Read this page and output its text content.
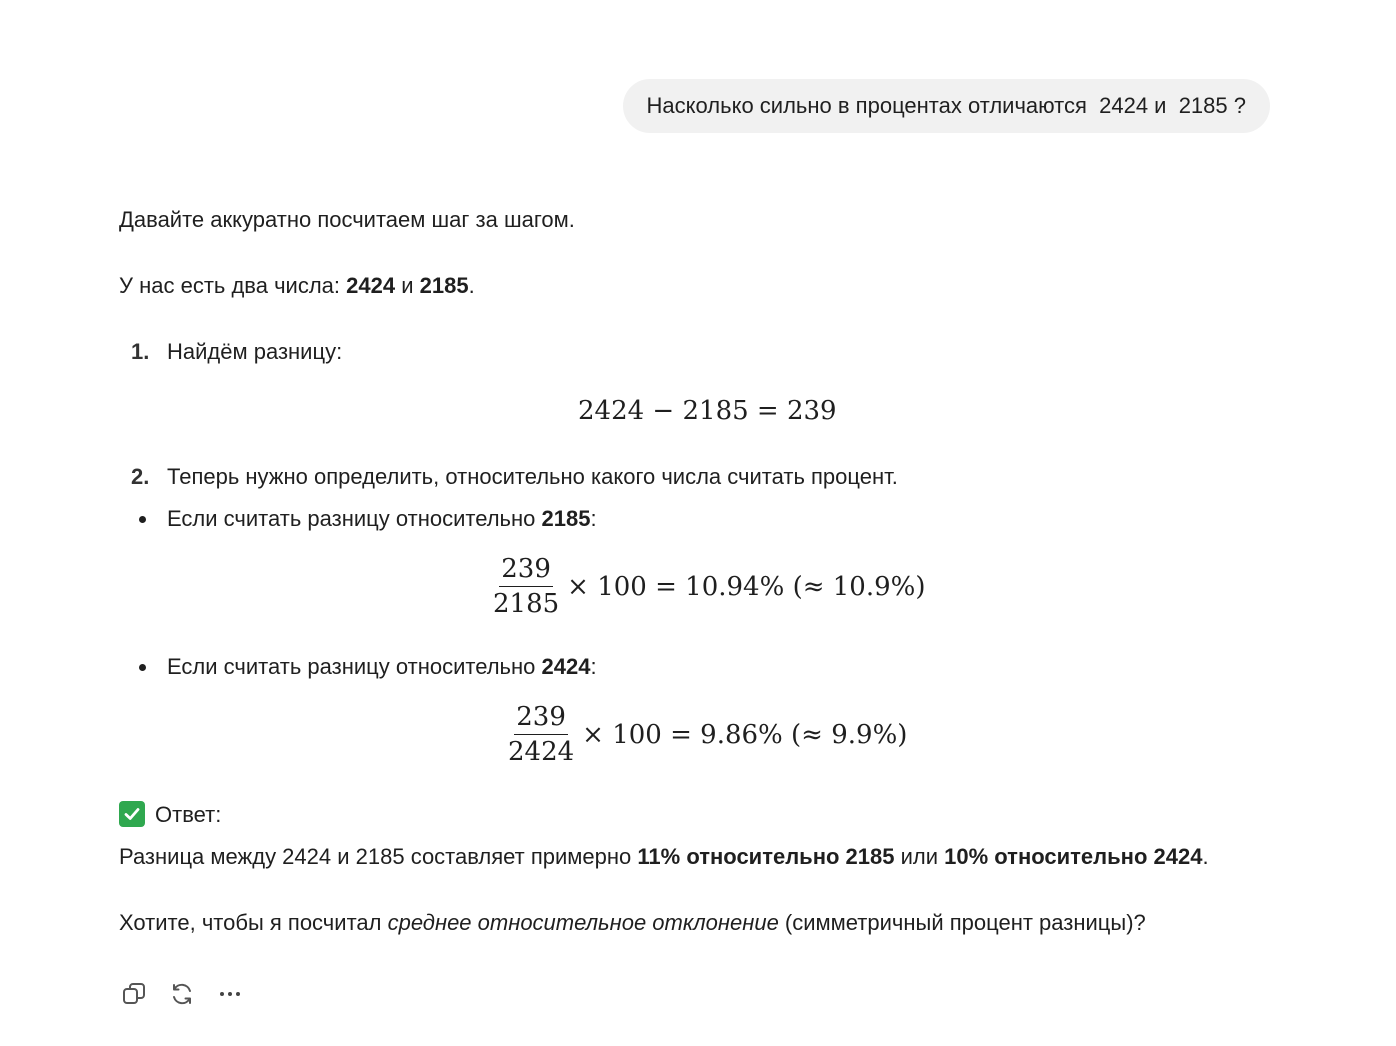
Насколько сильно в процентах отличаются  2424 и  2185 ?
Давайте аккуратно посчитаем шаг за шагом.
У нас есть два числа: 2424 и 2185.
1. Найдём разницу:
2424 − 2185 = 239
2. Теперь нужно определить, относительно какого числа считать процент.
Если считать разницу относительно 2185:
$\frac{239}{2185} \times 100 = 10.94\%$ (≈ 10.9%)
Если считать разницу относительно 2424:
$\frac{239}{2424} \times 100 = 9.86\%$ (≈ 9.9%)
Ответ:
Разница между 2424 и 2185 составляет примерно 11% относительно 2185 или 10% относительно 2424.
Хотите, чтобы я посчитал среднее относительное отклонение (симметричный процент разницы)?
